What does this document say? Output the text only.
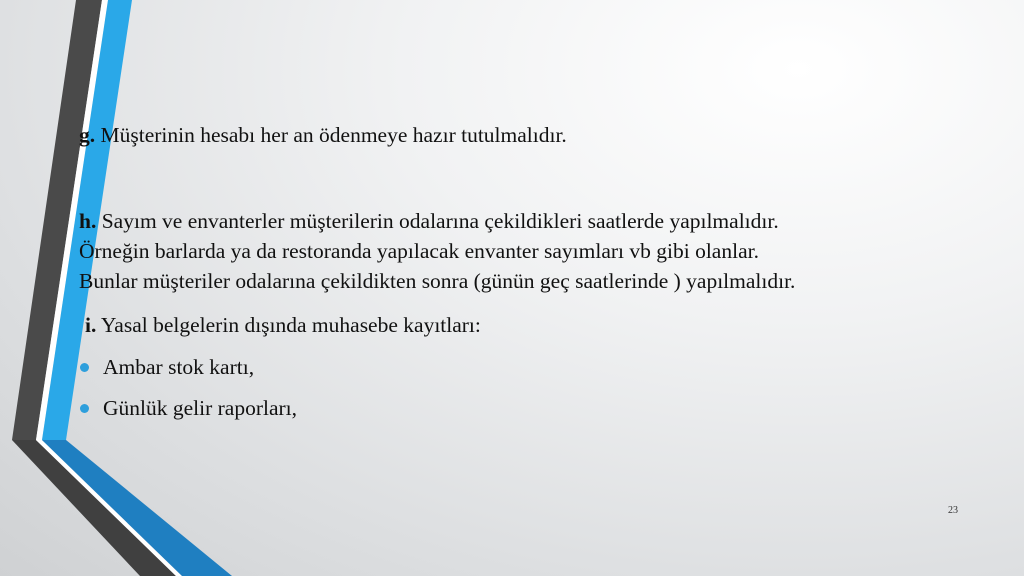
g. Müşterinin hesabı her an ödenmeye hazır tutulmalıdır.
h. Sayım ve envanterler müşterilerin odalarına çekildikleri saatlerde yapılmalıdır.
Örneğin barlarda ya da restoranda yapılacak envanter sayımları vb gibi olanlar.
Bunlar müşteriler odalarına çekildikten sonra (günün geç saatlerinde ) yapılmalıdır.
i. Yasal belgelerin dışında muhasebe kayıtları:
Ambar stok kartı,
Günlük gelir raporları,
23
